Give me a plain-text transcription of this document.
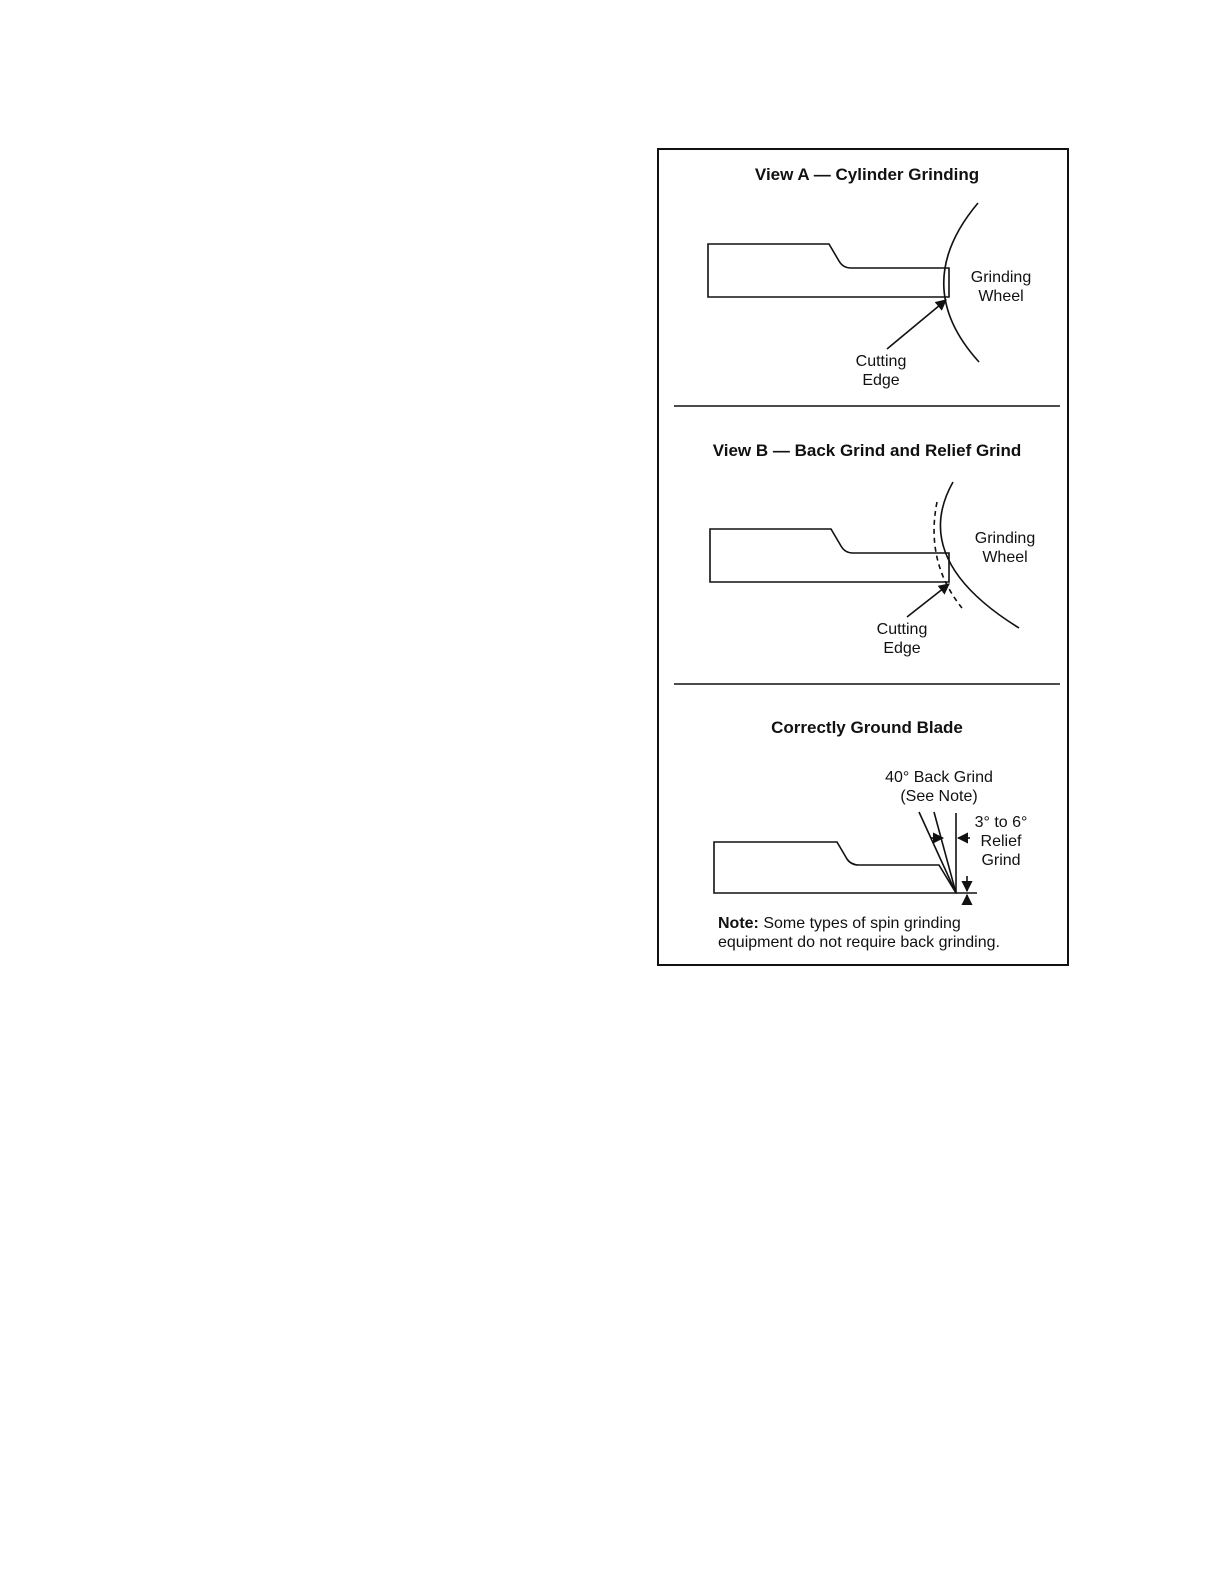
View A — Cylinder Grinding
Grinding
Wheel
Cutting
Edge
View B — Back Grind and Relief Grind
Grinding
Wheel
Cutting
Edge
Correctly Ground Blade
40° Back Grind
(See Note)
3° to 6°
Relief
Grind
Note: Some types of spin grinding
equipment do not require back grinding.
